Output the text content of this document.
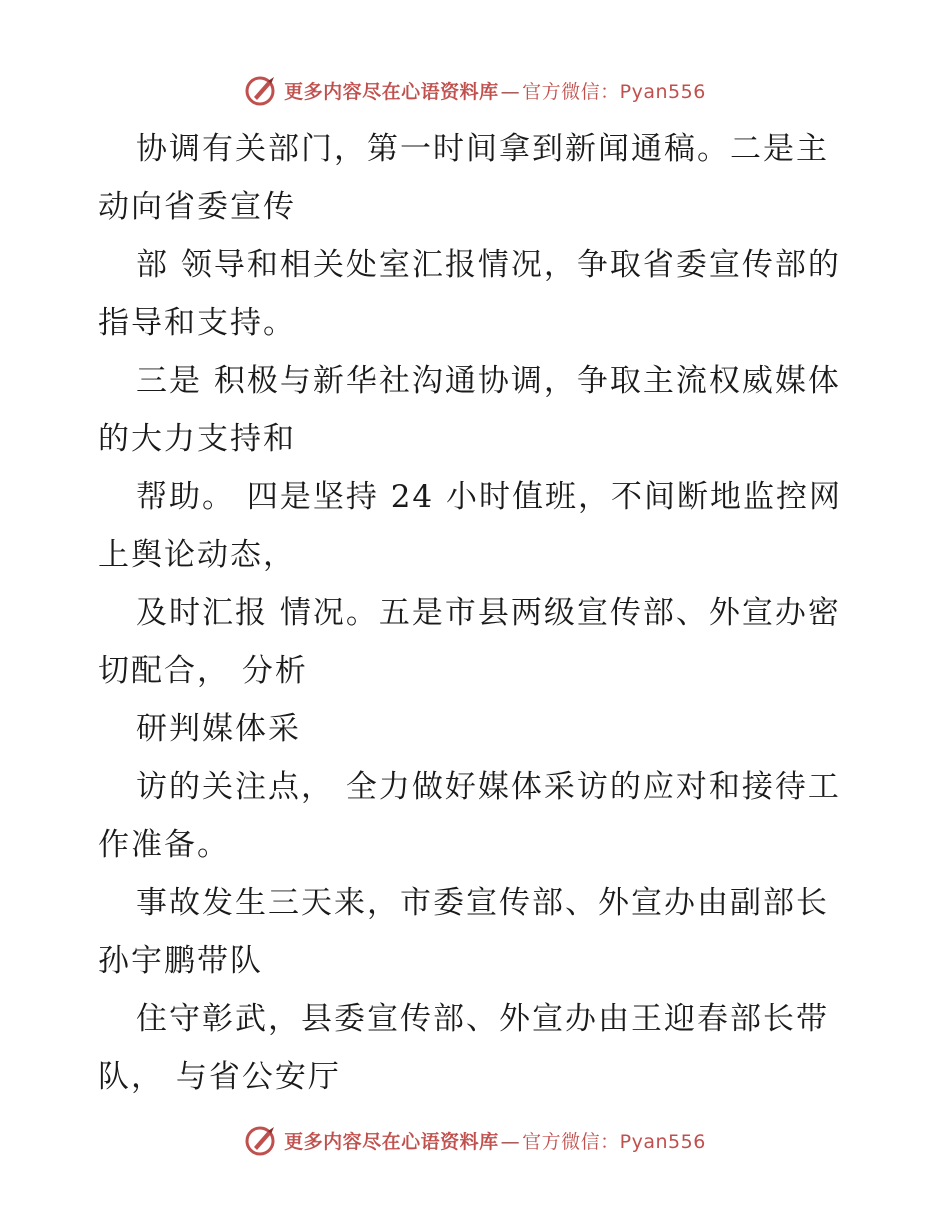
更多内容尽在心语资料库 — 官方微信：Pyan556

协调有关部门，第一时间拿到新闻通稿。二是主动向省委宣传

部 领导和相关处室汇报情况，争取省委宣传部的指导和支持。

三是 积极与新华社沟通协调，争取主流权威媒体的大力支持和

帮助。 四是坚持 24 小时值班，不间断地监控网上舆论动态，

及时汇报 情况。五是市县两级宣传部、外宣办密切配合， 分析

研判媒体采

访的关注点， 全力做好媒体采访的应对和接待工作准备。

事故发生三天来，市委宣传部、外宣办由副部长孙宇鹏带队

住守彰武，县委宣传部、外宣办由王迎春部长带队， 与省公安厅

更多内容尽在心语资料库 — 官方微信：Pyan556
